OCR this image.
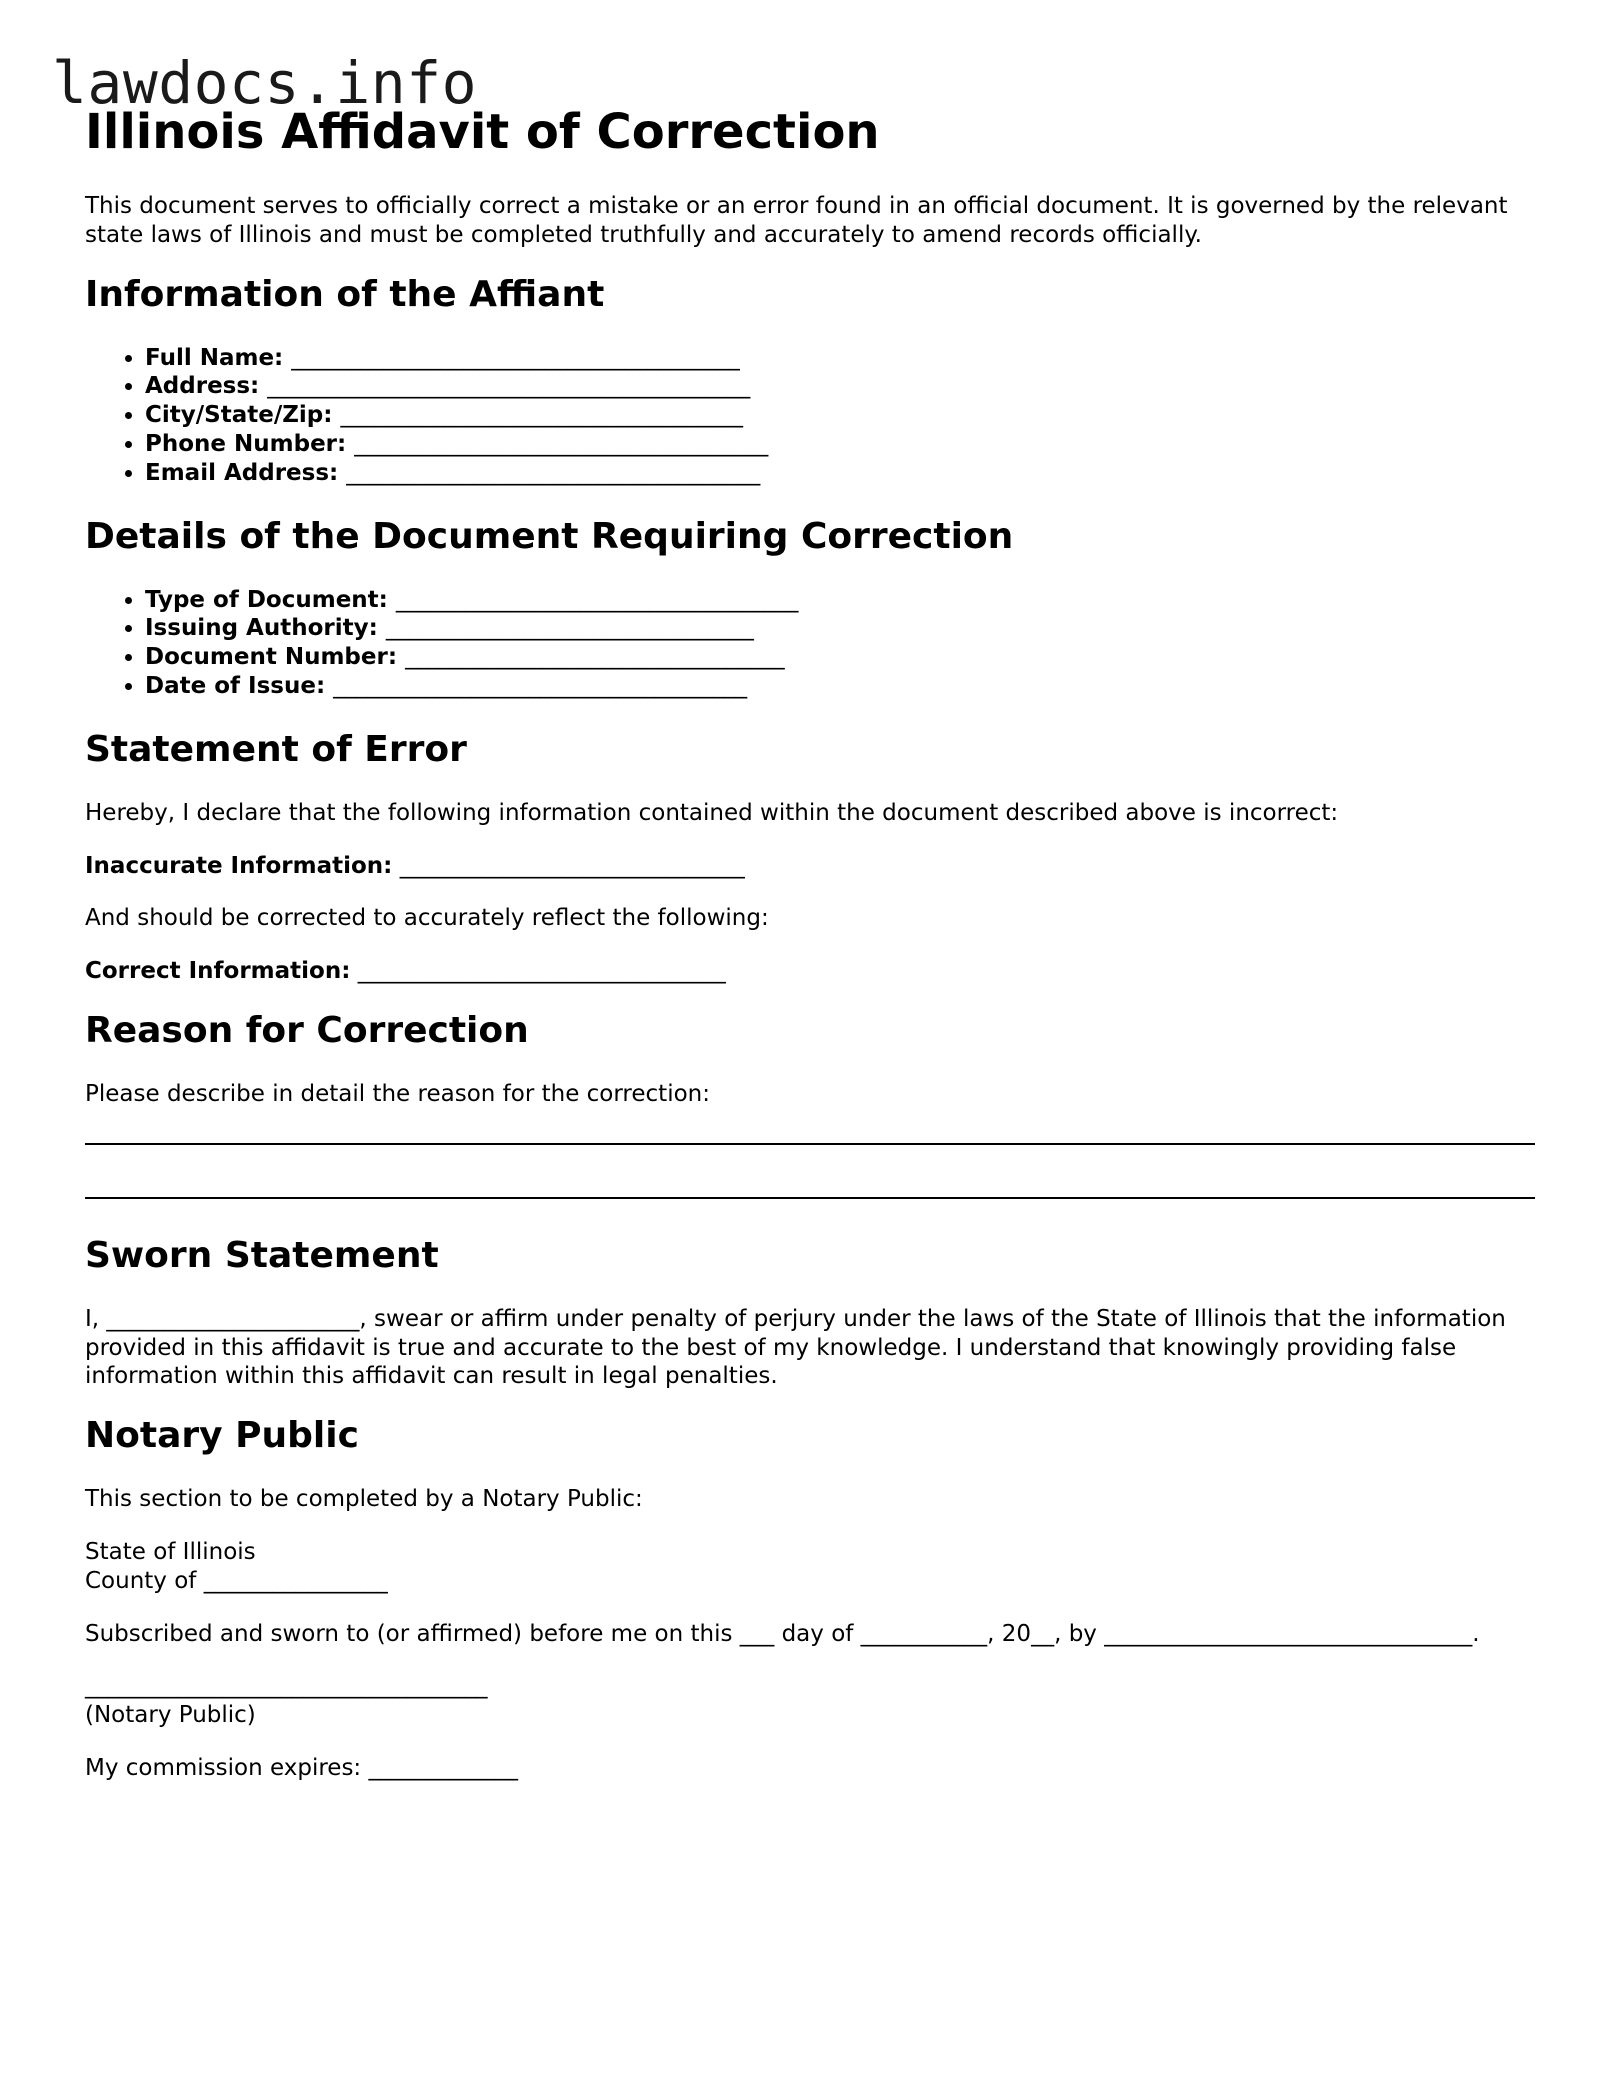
lawdocs.info
Illinois Affidavit of Correction

This document serves to officially correct a mistake or an error found in an official document. It is governed by the relevant state laws of Illinois and must be completed truthfully and accurately to amend records officially.

Information of the Affiant
• Full Name: _______________________________________
• Address: __________________________________________
• City/State/Zip: ___________________________________
• Phone Number: ____________________________________
• Email Address: ____________________________________
Details of the Document Requiring Correction
• Type of Document: ___________________________________
• Issuing Authority: ________________________________
• Document Number: _________________________________
• Date of Issue: ____________________________________
Statement of Error

Hereby, I declare that the following information contained within the document described above is incorrect:

Inaccurate Information: ______________________________

And should be corrected to accurately reflect the following:

Correct Information: ________________________________

Reason for Correction

Please describe in detail the reason for the correction:

Sworn Statement

I, ______________________, swear or affirm under penalty of perjury under the laws of the State of Illinois that the information provided in this affidavit is true and accurate to the best of my knowledge. I understand that knowingly providing false information within this affidavit can result in legal penalties.

Notary Public

This section to be completed by a Notary Public:

State of Illinois
County of ________________

Subscribed and sworn to (or affirmed) before me on this ___ day of ___________, 20__, by ________________________________.

___________________________________
(Notary Public)

My commission expires: _____________
